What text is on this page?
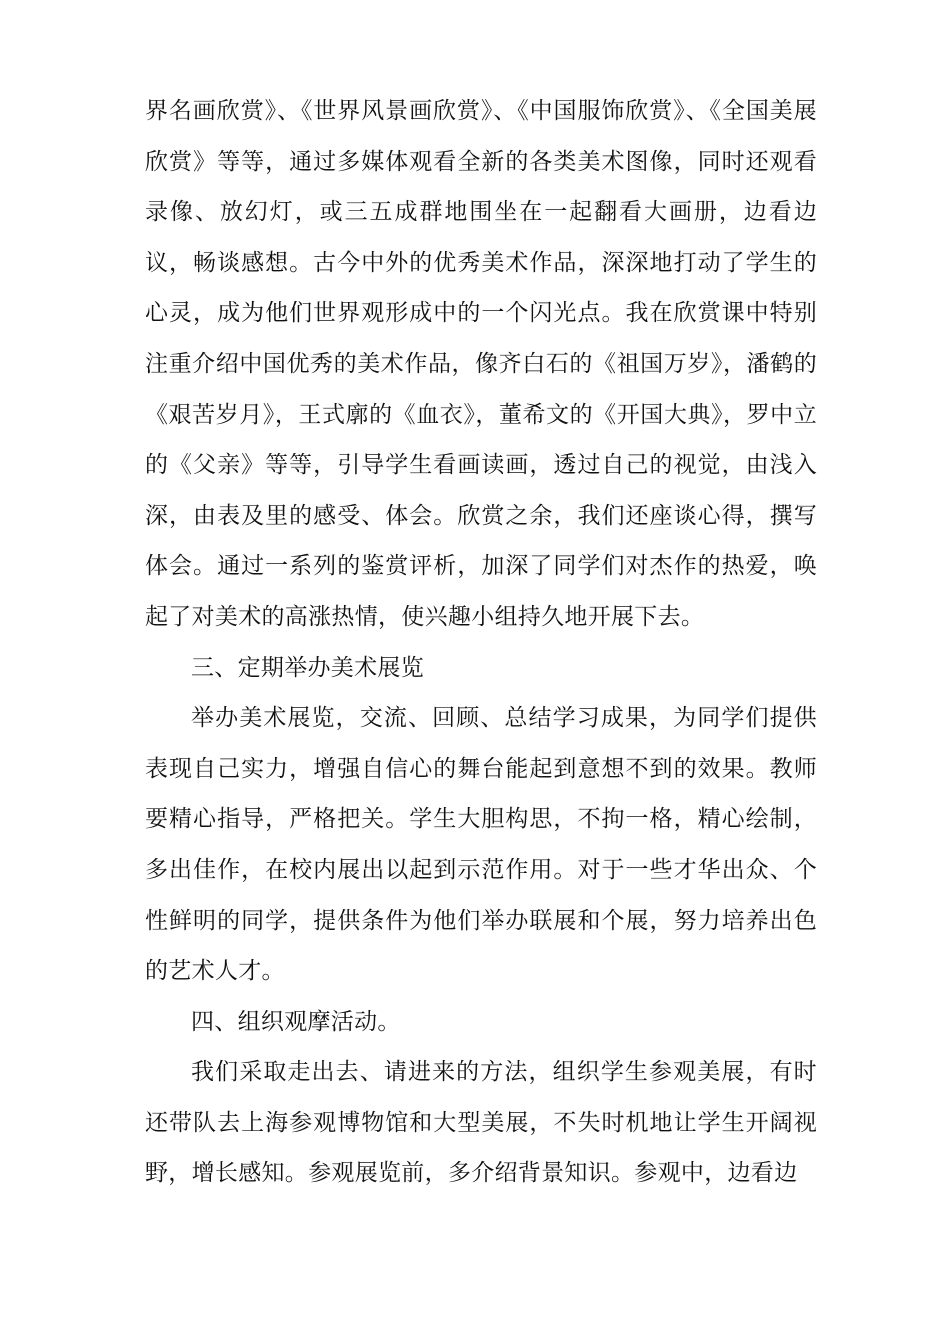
界名画欣赏》、《世界风景画欣赏》、《中国服饰欣赏》、《全国美展欣赏》等等，通过多媒体观看全新的各类美术图像，同时还观看录像、放幻灯，或三五成群地围坐在一起翻看大画册，边看边议，畅谈感想。古今中外的优秀美术作品，深深地打动了学生的心灵，成为他们世界观形成中的一个闪光点。我在欣赏课中特别注重介绍中国优秀的美术作品，像齐白石的《祖国万岁》，潘鹤的《艰苦岁月》，王式廓的《血衣》，董希文的《开国大典》，罗中立的《父亲》等等，引导学生看画读画，透过自己的视觉，由浅入深，由表及里的感受、体会。欣赏之余，我们还座谈心得，撰写体会。通过一系列的鉴赏评析，加深了同学们对杰作的热爱，唤起了对美术的高涨热情，使兴趣小组持久地开展下去。

三、定期举办美术展览

举办美术展览，交流、回顾、总结学习成果，为同学们提供表现自己实力，增强自信心的舞台能起到意想不到的效果。教师要精心指导，严格把关。学生大胆构思，不拘一格，精心绘制，多出佳作，在校内展出以起到示范作用。对于一些才华出众、个性鲜明的同学，提供条件为他们举办联展和个展，努力培养出色的艺术人才。

四、组织观摩活动。

我们采取走出去、请进来的方法，组织学生参观美展，有时还带队去上海参观博物馆和大型美展，不失时机地让学生开阔视野，增长感知。参观展览前，多介绍背景知识。参观中，边看边
